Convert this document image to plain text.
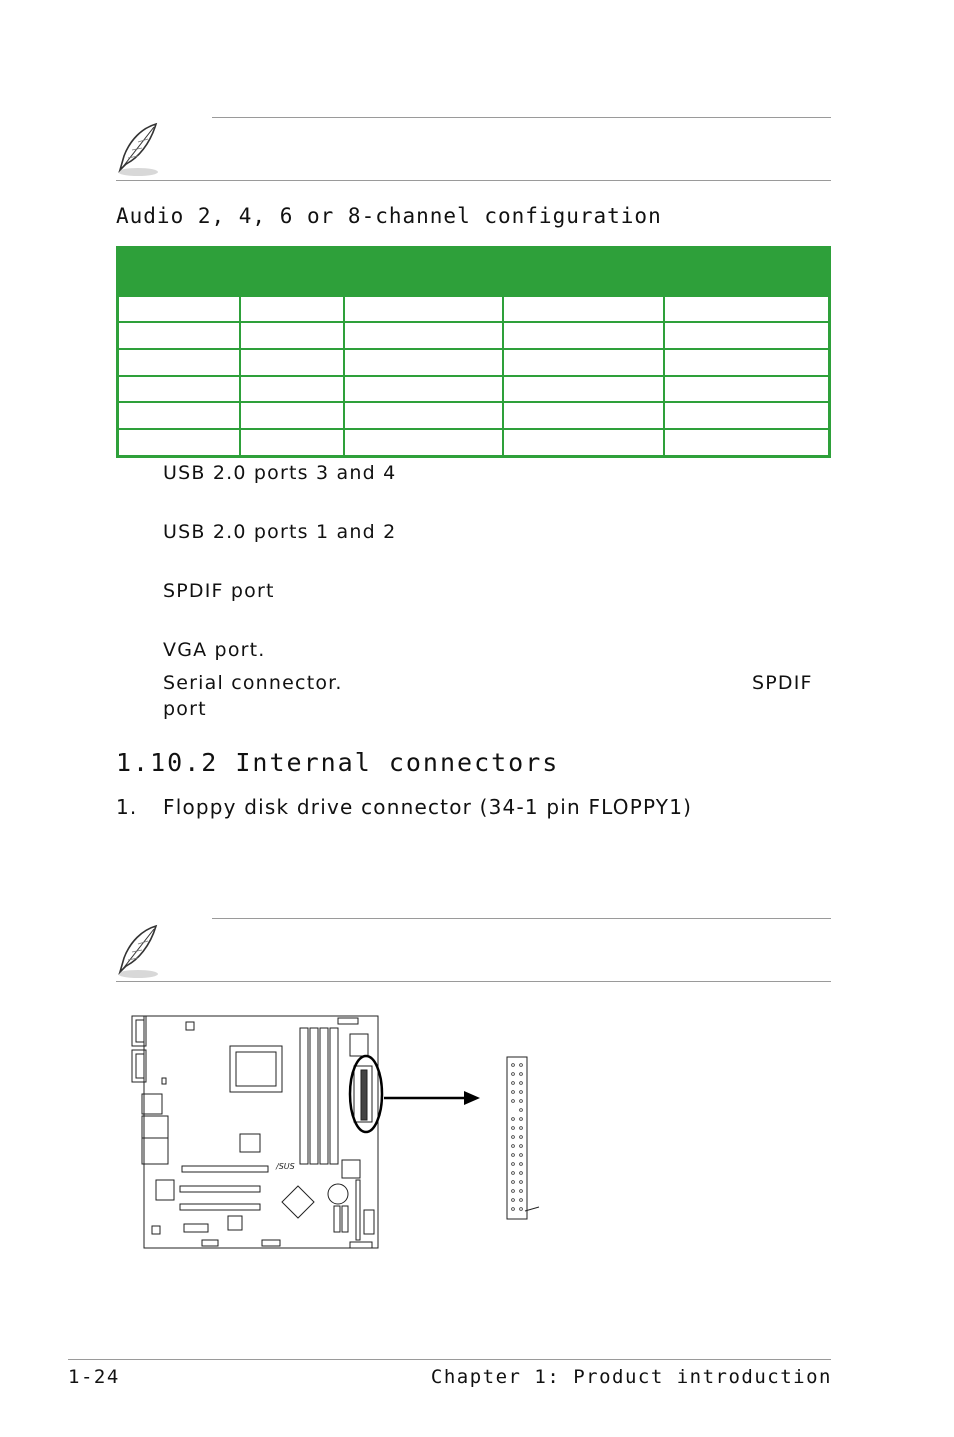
Audio 2, 4, 6 or 8-channel configuration

USB 2.0 ports 3 and 4
USB 2.0 ports 1 and 2
SPDIF port
VGA port.
Serial connector.	SPDIF
port
1.10.2 Internal connectors
1. Floppy disk drive connector (34-1 pin FLOPPY1)
/SUS
1-24	Chapter 1: Product introduction
